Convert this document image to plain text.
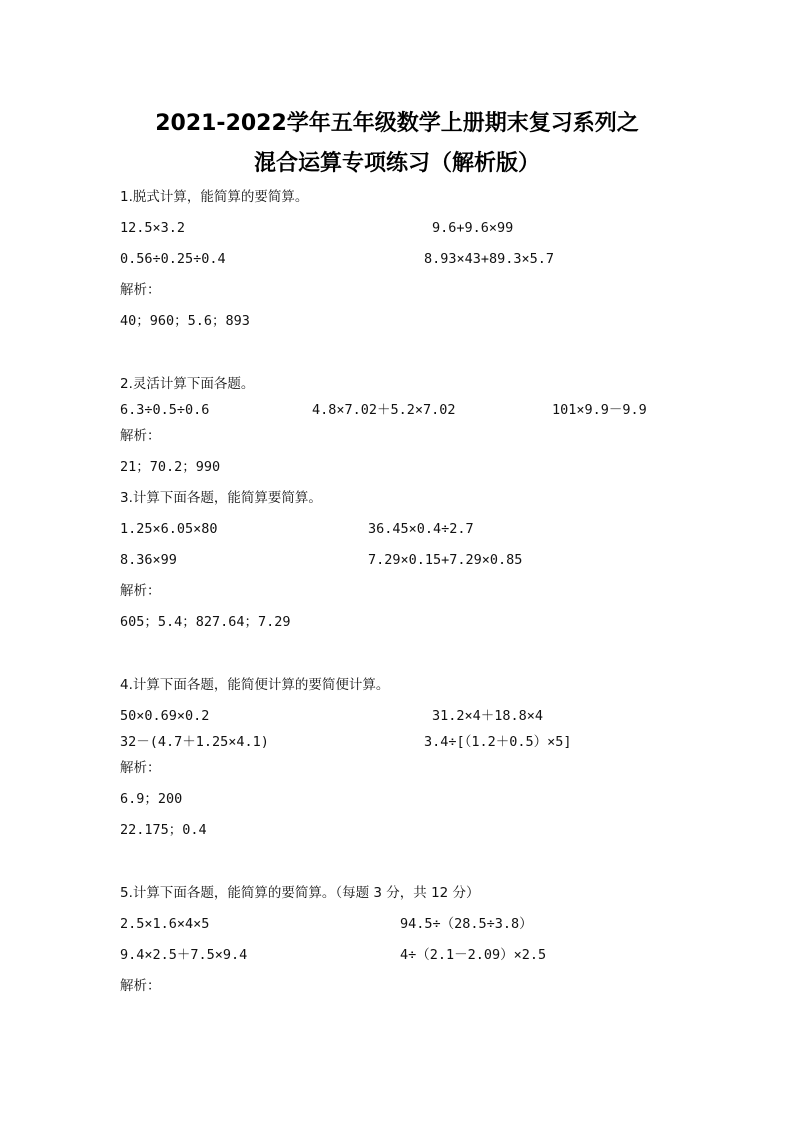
2021-2022学年五年级数学上册期末复习系列之
混合运算专项练习（解析版）
1.脱式计算，能简算的要简算。
12.5×3.2	9.6+9.6×99
0.56÷0.25÷0.4	8.93×43+89.3×5.7
解析：
40；960；5.6；893
2.灵活计算下面各题。
6.3÷0.5÷0.6	4.8×7.02＋5.2×7.02	101×9.9－9.9
解析：
21；70.2；990
3.计算下面各题，能简算要简算。
1.25×6.05×80	36.45×0.4÷2.7
8.36×99	7.29×0.15+7.29×0.85
解析：
605；5.4；827.64；7.29
4.计算下面各题，能简便计算的要简便计算。
50×0.69×0.2	31.2×4＋18.8×4
32－(4.7＋1.25×4.1)	3.4÷[（1.2＋0.5）×5]
解析：
6.9；200
22.175；0.4
5.计算下面各题，能简算的要简算。（每题 3 分，共 12 分）
2.5×1.6×4×5	94.5÷（28.5÷3.8）
9.4×2.5＋7.5×9.4	4÷（2.1－2.09）×2.5
解析：
